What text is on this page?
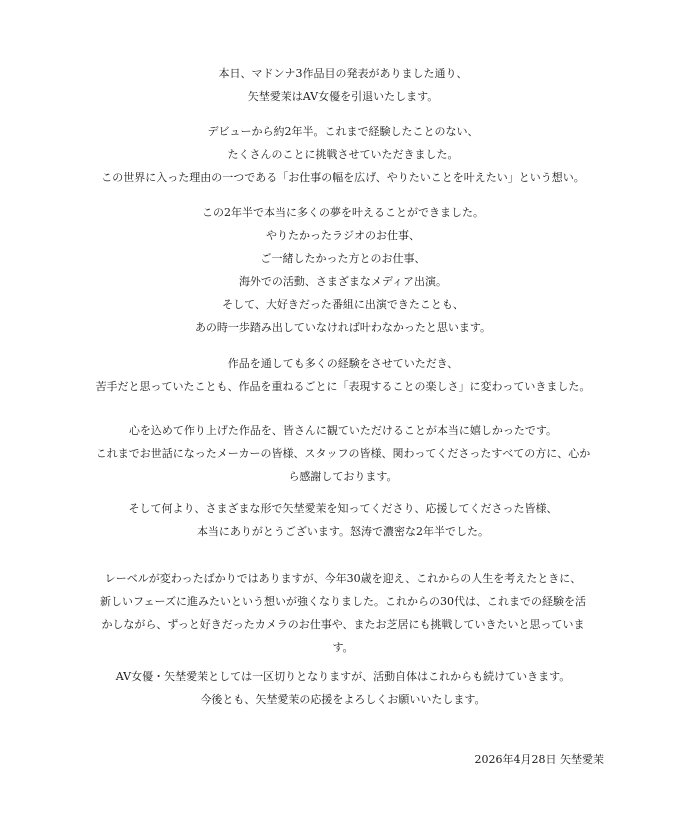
本日、マドンナ3作品目の発表がありました通り、
矢埜愛茉はAV女優を引退いたします。
デビューから約2年半。これまで経験したことのない、
たくさんのことに挑戦させていただきました。
この世界に入った理由の一つである「お仕事の幅を広げ、やりたいことを叶えたい」という想い。
この2年半で本当に多くの夢を叶えることができました。
やりたかったラジオのお仕事、
ご一緒したかった方とのお仕事、
海外での活動、さまざまなメディア出演。
そして、大好きだった番組に出演できたことも、
あの時一歩踏み出していなければ叶わなかったと思います。
作品を通しても多くの経験をさせていただき、
苦手だと思っていたことも、作品を重ねるごとに「表現することの楽しさ」に変わっていきました。
心を込めて作り上げた作品を、皆さんに観ていただけることが本当に嬉しかったです。
これまでお世話になったメーカーの皆様、スタッフの皆様、関わってくださったすべての方に、心か
ら感謝しております。
そして何より、さまざまな形で矢埜愛茉を知ってくださり、応援してくださった皆様、
本当にありがとうございます。怒涛で濃密な2年半でした。
レーベルが変わったばかりではありますが、今年30歳を迎え、これからの人生を考えたときに、
新しいフェーズに進みたいという想いが強くなりました。これからの30代は、これまでの経験を活
かしながら、ずっと好きだったカメラのお仕事や、またお芝居にも挑戦していきたいと思っていま
す。
AV女優・矢埜愛茉としては一区切りとなりますが、活動自体はこれからも続けていきます。
今後とも、矢埜愛茉の応援をよろしくお願いいたします。
2026年4月28日 矢埜愛茉
